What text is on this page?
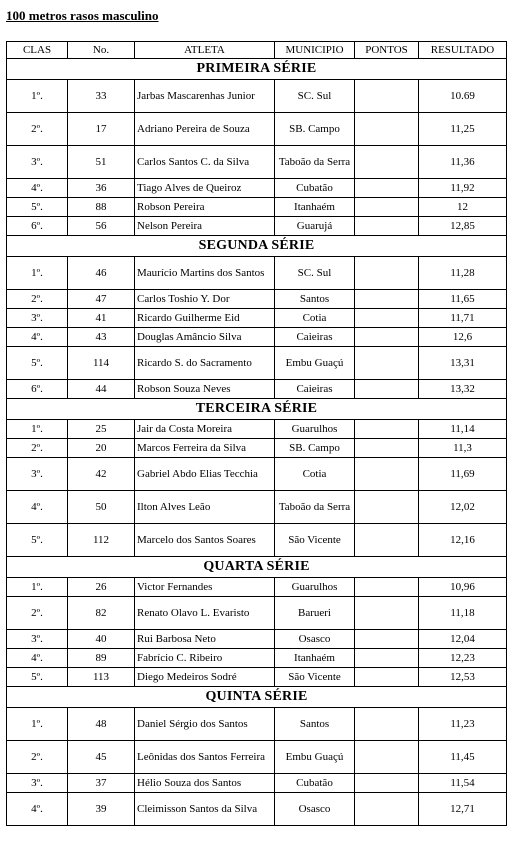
100 metros rasos masculino
CLAS	No.	ATLETA	MUNICIPIO	PONTOS	RESULTADO
PRIMEIRA SÉRIE					
1º.	33	Jarbas Mascarenhas Junior	SC. Sul		10.69
2º.	17	Adriano Pereira de Souza	SB. Campo		11,25
3º.	51	Carlos Santos C. da Silva	Taboão da Serra		11,36
4º.	36	Tiago Alves de Queiroz	Cubatão		11,92
5º.	88	Robson Pereira	Itanhaém		12
6º.	56	Nelson Pereira	Guarujá		12,85
SEGUNDA SÉRIE					
1º.	46	Maurício Martins dos Santos	SC. Sul		11,28
2º.	47	Carlos Toshio Y. Dor	Santos		11,65
3º.	41	Ricardo Guilherme Eid	Cotia		11,71
4º.	43	Douglas Amâncio Silva	Caieiras		12,6
5º.	114	Ricardo S. do Sacramento	Embu Guaçú		13,31
6º.	44	Robson Souza Neves	Caieiras		13,32
TERCEIRA SÉRIE					
1º.	25	Jair da Costa Moreira	Guarulhos		11,14
2º.	20	Marcos Ferreira da Silva	SB. Campo		11,3
3º.	42	Gabriel Abdo Elias Tecchia	Cotia		11,69
4º.	50	Ilton Alves Leão	Taboão da Serra		12,02
5º.	112	Marcelo dos Santos Soares	São Vicente		12,16
QUARTA SÉRIE					
1º.	26	Victor Fernandes	Guarulhos		10,96
2º.	82	Renato Olavo L. Evaristo	Barueri		11,18
3º.	40	Rui Barbosa Neto	Osasco		12,04
4º.	89	Fabrício C. Ribeiro	Itanhaém		12,23
5º.	113	Diego Medeiros Sodré	São Vicente		12,53
QUINTA SÉRIE					
1º.	48	Daniel Sérgio dos Santos	Santos		11,23
2º.	45	Leônidas dos Santos Ferreira	Embu Guaçú		11,45
3º.	37	Hélio Souza dos Santos	Cubatão		11,54
4º.	39	Cleimisson Santos da Silva	Osasco		12,71
